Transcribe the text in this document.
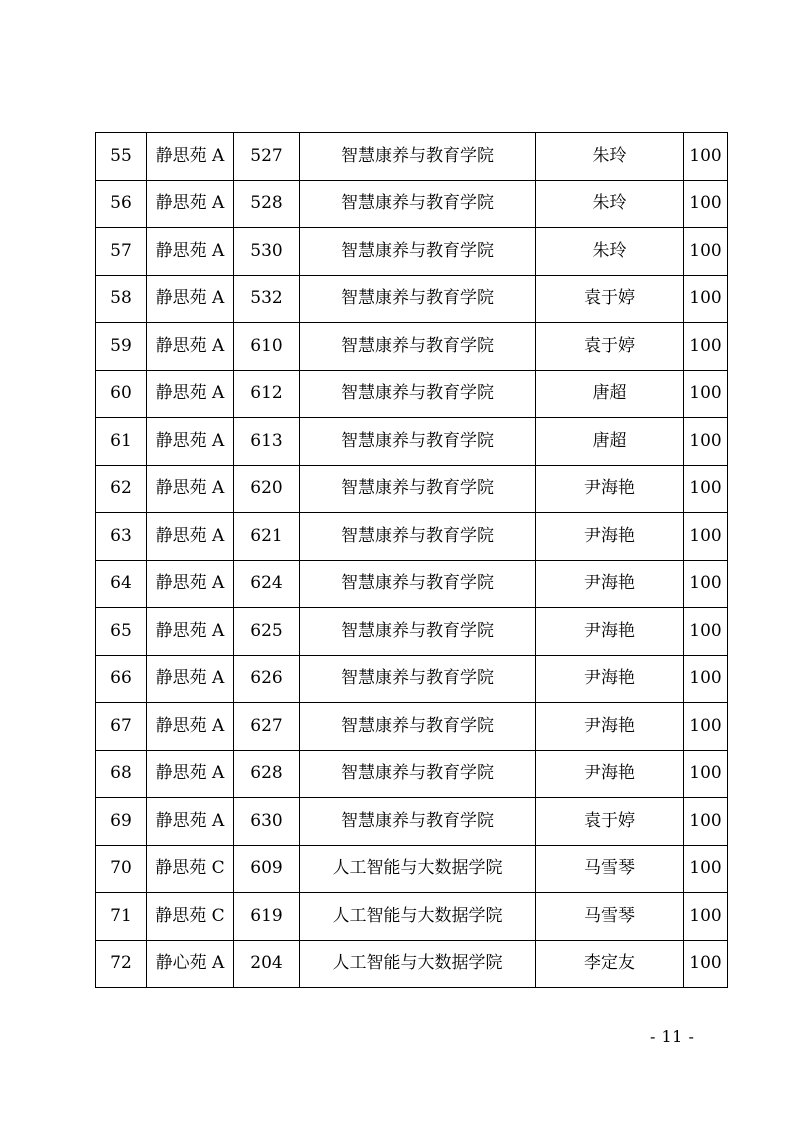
55	静思苑 A	527	智慧康养与教育学院	朱玲	100
56	静思苑 A	528	智慧康养与教育学院	朱玲	100
57	静思苑 A	530	智慧康养与教育学院	朱玲	100
58	静思苑 A	532	智慧康养与教育学院	袁于婷	100
59	静思苑 A	610	智慧康养与教育学院	袁于婷	100
60	静思苑 A	612	智慧康养与教育学院	唐超	100
61	静思苑 A	613	智慧康养与教育学院	唐超	100
62	静思苑 A	620	智慧康养与教育学院	尹海艳	100
63	静思苑 A	621	智慧康养与教育学院	尹海艳	100
64	静思苑 A	624	智慧康养与教育学院	尹海艳	100
65	静思苑 A	625	智慧康养与教育学院	尹海艳	100
66	静思苑 A	626	智慧康养与教育学院	尹海艳	100
67	静思苑 A	627	智慧康养与教育学院	尹海艳	100
68	静思苑 A	628	智慧康养与教育学院	尹海艳	100
69	静思苑 A	630	智慧康养与教育学院	袁于婷	100
70	静思苑 C	609	人工智能与大数据学院	马雪琴	100
71	静思苑 C	619	人工智能与大数据学院	马雪琴	100
72	静心苑 A	204	人工智能与大数据学院	李定友	100
- 11 -
